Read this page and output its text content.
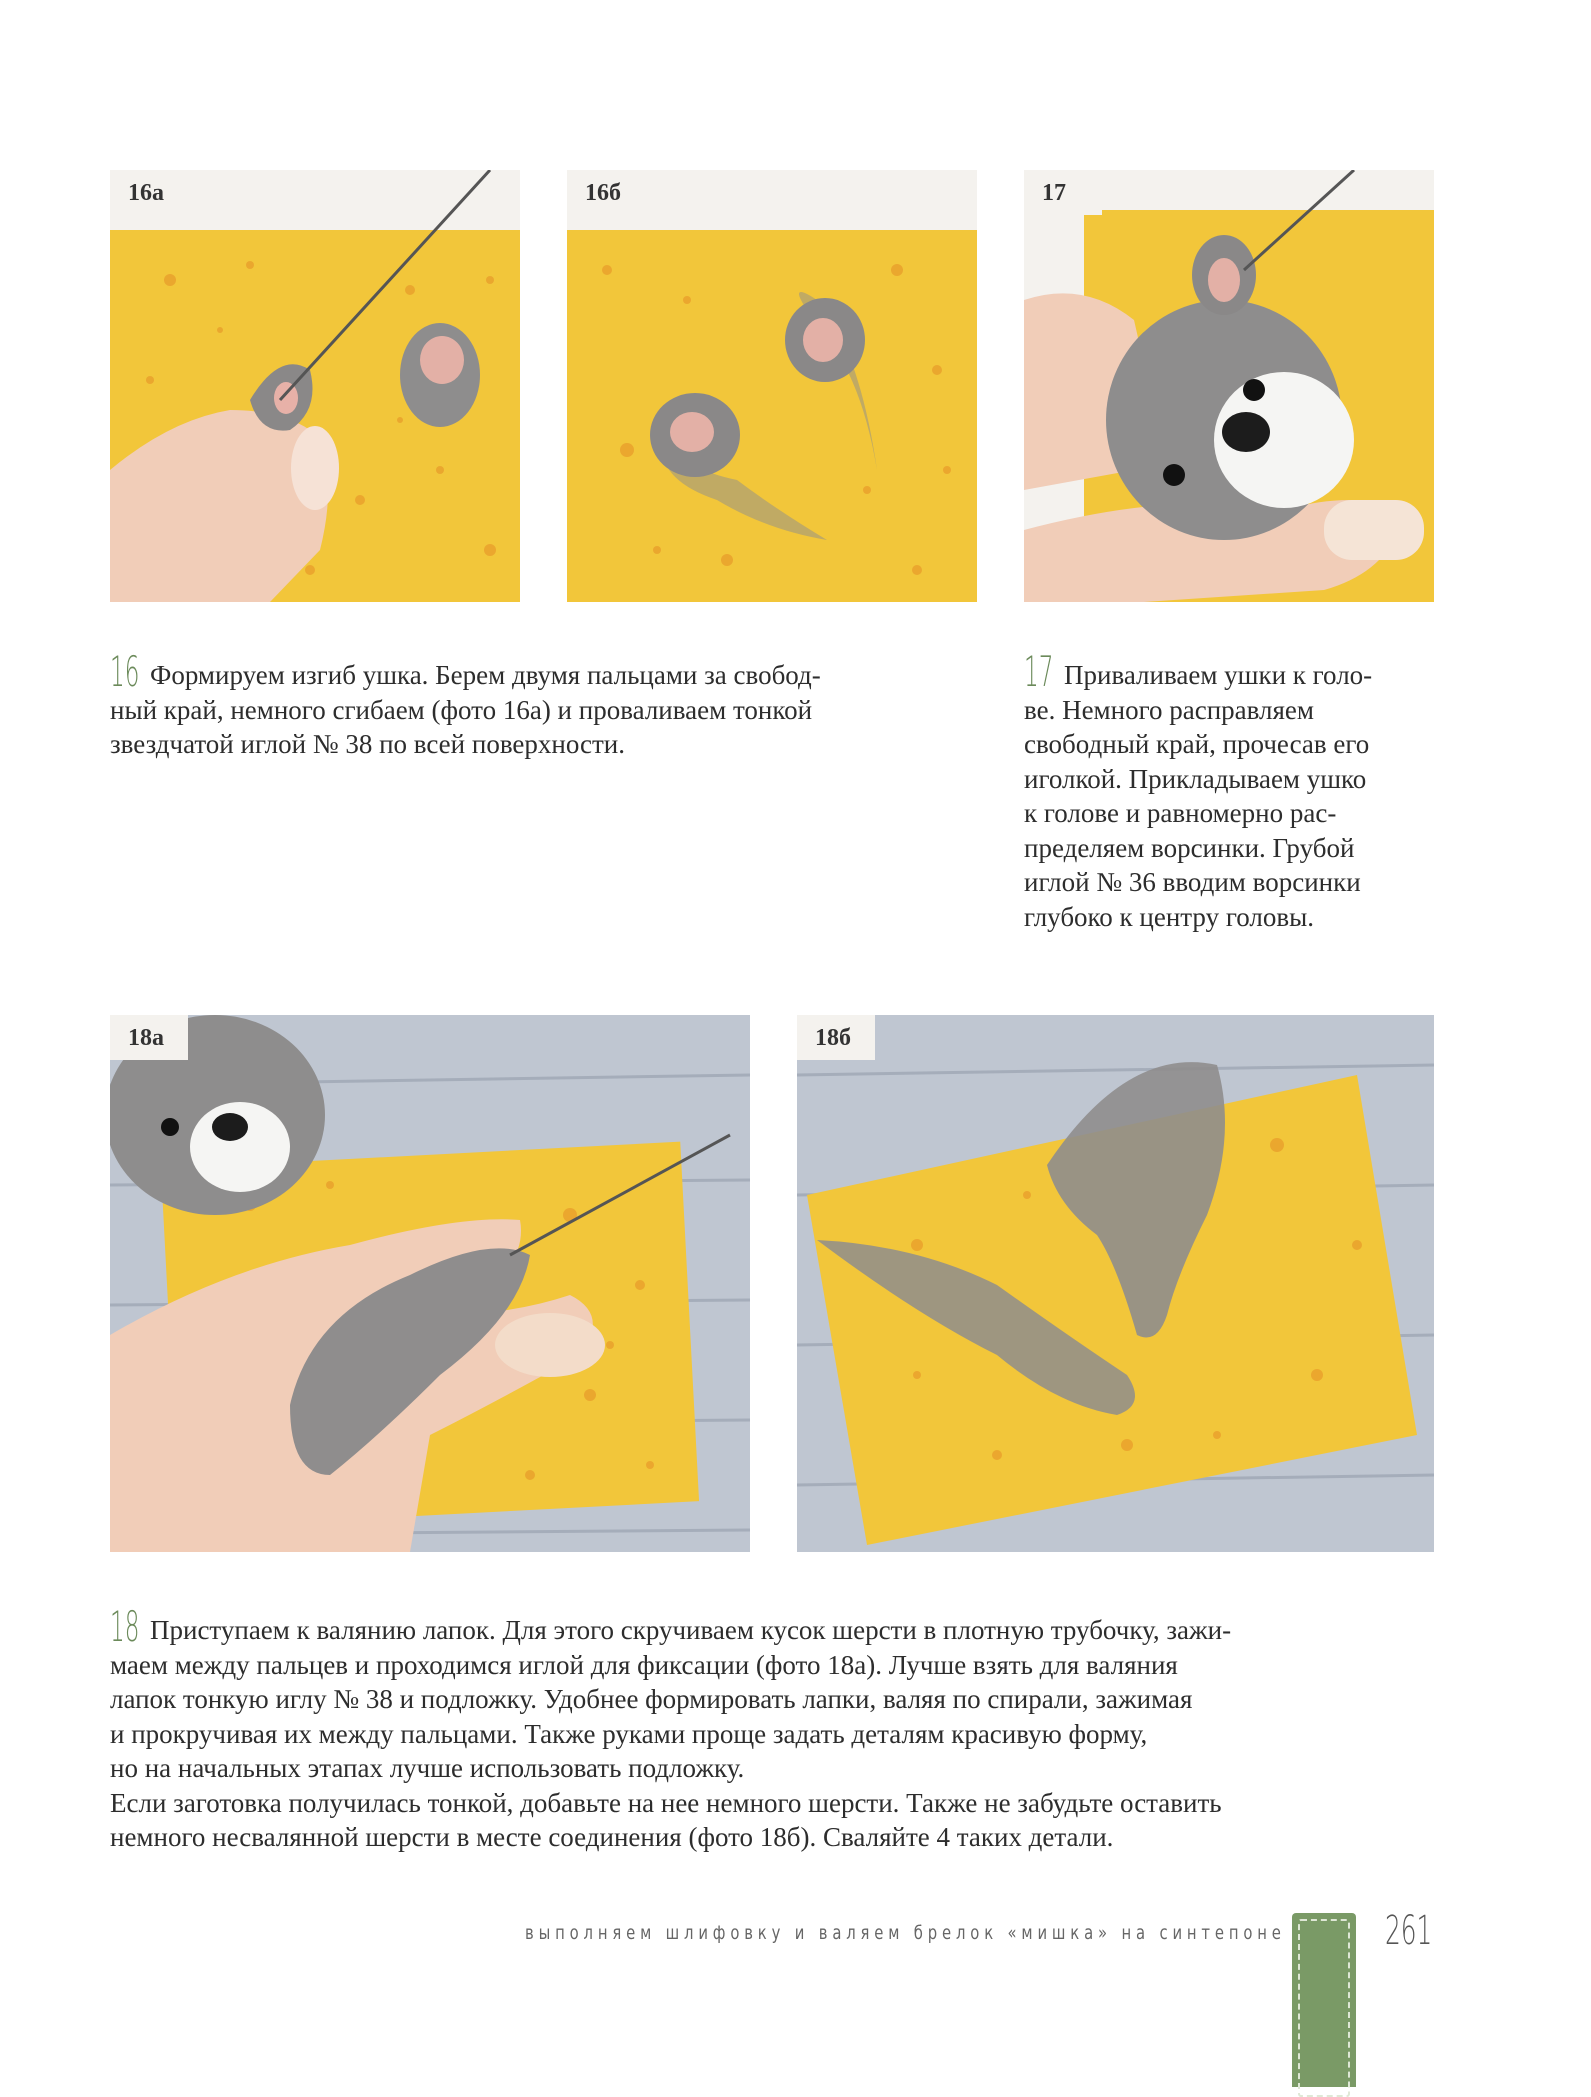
16а	16б	17
16 Формируем изгиб ушка. Берем двумя пальцами за свобод-
ный край, немного сгибаем (фото 16а) и проваливаем тонкой
звездчатой иглой № 38 по всей поверхности.
17 Приваливаем ушки к голо-
ве. Немного расправляем
свободный край, прочесав его
иголкой. Прикладываем ушко
к голове и равномерно рас-
пределяем ворсинки. Грубой
иглой № 36 вводим ворсинки
глубоко к центру головы.
18а	18б
18 Приступаем к валянию лапок. Для этого скручиваем кусок шерсти в плотную трубочку, зажи-
маем между пальцев и проходимся иглой для фиксации (фото 18а). Лучше взять для валяния
лапок тонкую иглу № 38 и подложку. Удобнее формировать лапки, валяя по спирали, зажимая
и прокручивая их между пальцами. Также руками проще задать деталям красивую форму,
но на начальных этапах лучше использовать подложку.
Если заготовка получилась тонкой, добавьте на нее немного шерсти. Также не забудьте оставить
немного несвалянной шерсти в месте соединения (фото 18б). Сваляйте 4 таких детали.
выполняем шлифовку и валяем брелок «мишка» на синтепоне 261
